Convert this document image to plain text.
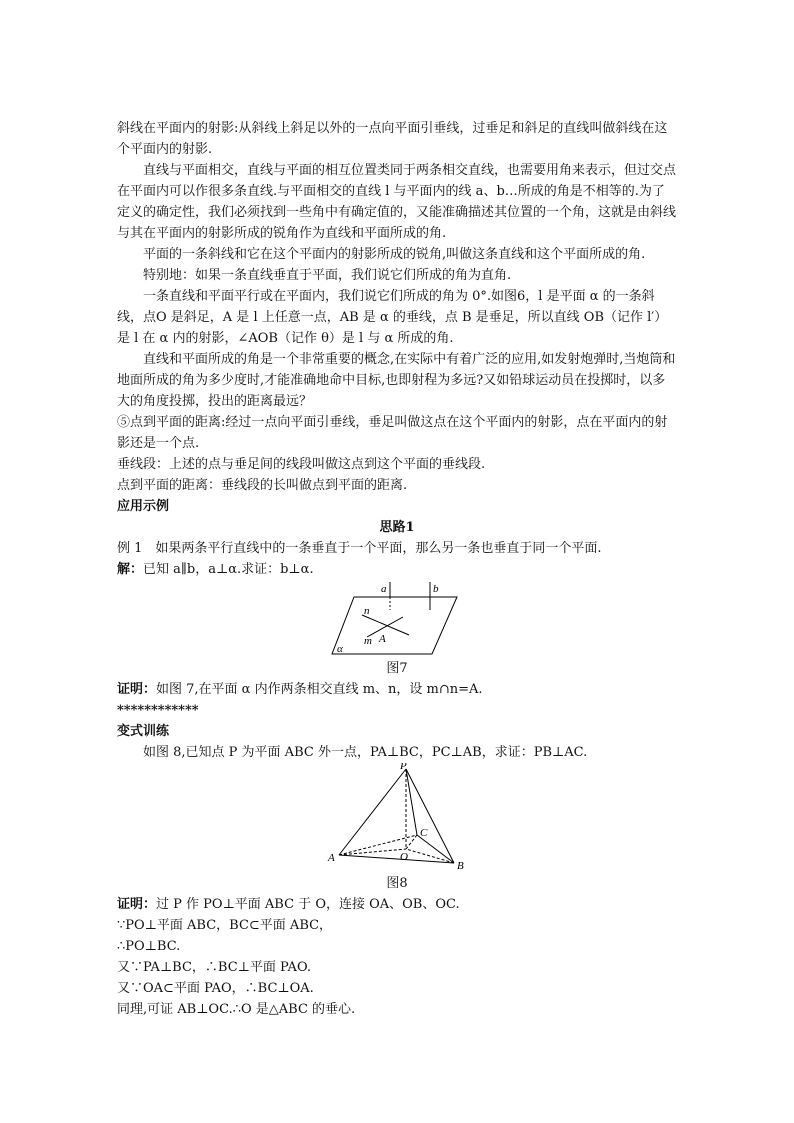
斜线在平面内的射影:从斜线上斜足以外的一点向平面引垂线，过垂足和斜足的直线叫做斜线在这个平面内的射影.

直线与平面相交，直线与平面的相互位置类同于两条相交直线，也需要用角来表示，但过交点在平面内可以作很多条直线.与平面相交的直线 l 与平面内的线 a、b…所成的角是不相等的.为了定义的确定性，我们必须找到一些角中有确定值的，又能准确描述其位置的一个角，这就是由斜线与其在平面内的射影所成的锐角作为直线和平面所成的角.

平面的一条斜线和它在这个平面内的射影所成的锐角,叫做这条直线和这个平面所成的角.

特别地：如果一条直线垂直于平面，我们说它们所成的角为直角.

一条直线和平面平行或在平面内，我们说它们所成的角为 0°.如图6，l 是平面 α 的一条斜线，点O 是斜足，A 是 l 上任意一点，AB 是 α 的垂线，点 B 是垂足，所以直线 OB（记作 l′）是 l 在 α 内的射影，∠AOB（记作 θ）是 l 与 α 所成的角.

直线和平面所成的角是一个非常重要的概念,在实际中有着广泛的应用,如发射炮弹时,当炮筒和地面所成的角为多少度时,才能准确地命中目标,也即射程为多远?又如铅球运动员在投掷时，以多大的角度投掷，投出的距离最远？

⑤点到平面的距离:经过一点向平面引垂线，垂足叫做这点在这个平面内的射影，点在平面内的射影还是一个点.

垂线段：上述的点与垂足间的线段叫做这点到这个平面的垂线段.

点到平面的距离：垂线段的长叫做点到平面的距离.

应用示例

思路1

例 1　如果两条平行直线中的一条垂直于一个平面，那么另一条也垂直于同一个平面.

解：已知 a∥b，a⊥α.求证：b⊥α.

a	b
n
m A
α

图7

证明：如图 7,在平面 α 内作两条相交直线 m、n，设 m∩n=A.

************

变式训练

如图 8,已知点 P 为平面 ABC 外一点，PA⊥BC，PC⊥AB，求证：PB⊥AC.

P
A
B
C
O

图8

证明：过 P 作 PO⊥平面 ABC 于 O，连接 OA、OB、OC.

∵PO⊥平面 ABC，BC⊂平面 ABC，

∴PO⊥BC.

又∵PA⊥BC，∴BC⊥平面 PAO.

又∵OA⊂平面 PAO，∴BC⊥OA.

同理,可证 AB⊥OC.∴O 是△ABC 的垂心.
